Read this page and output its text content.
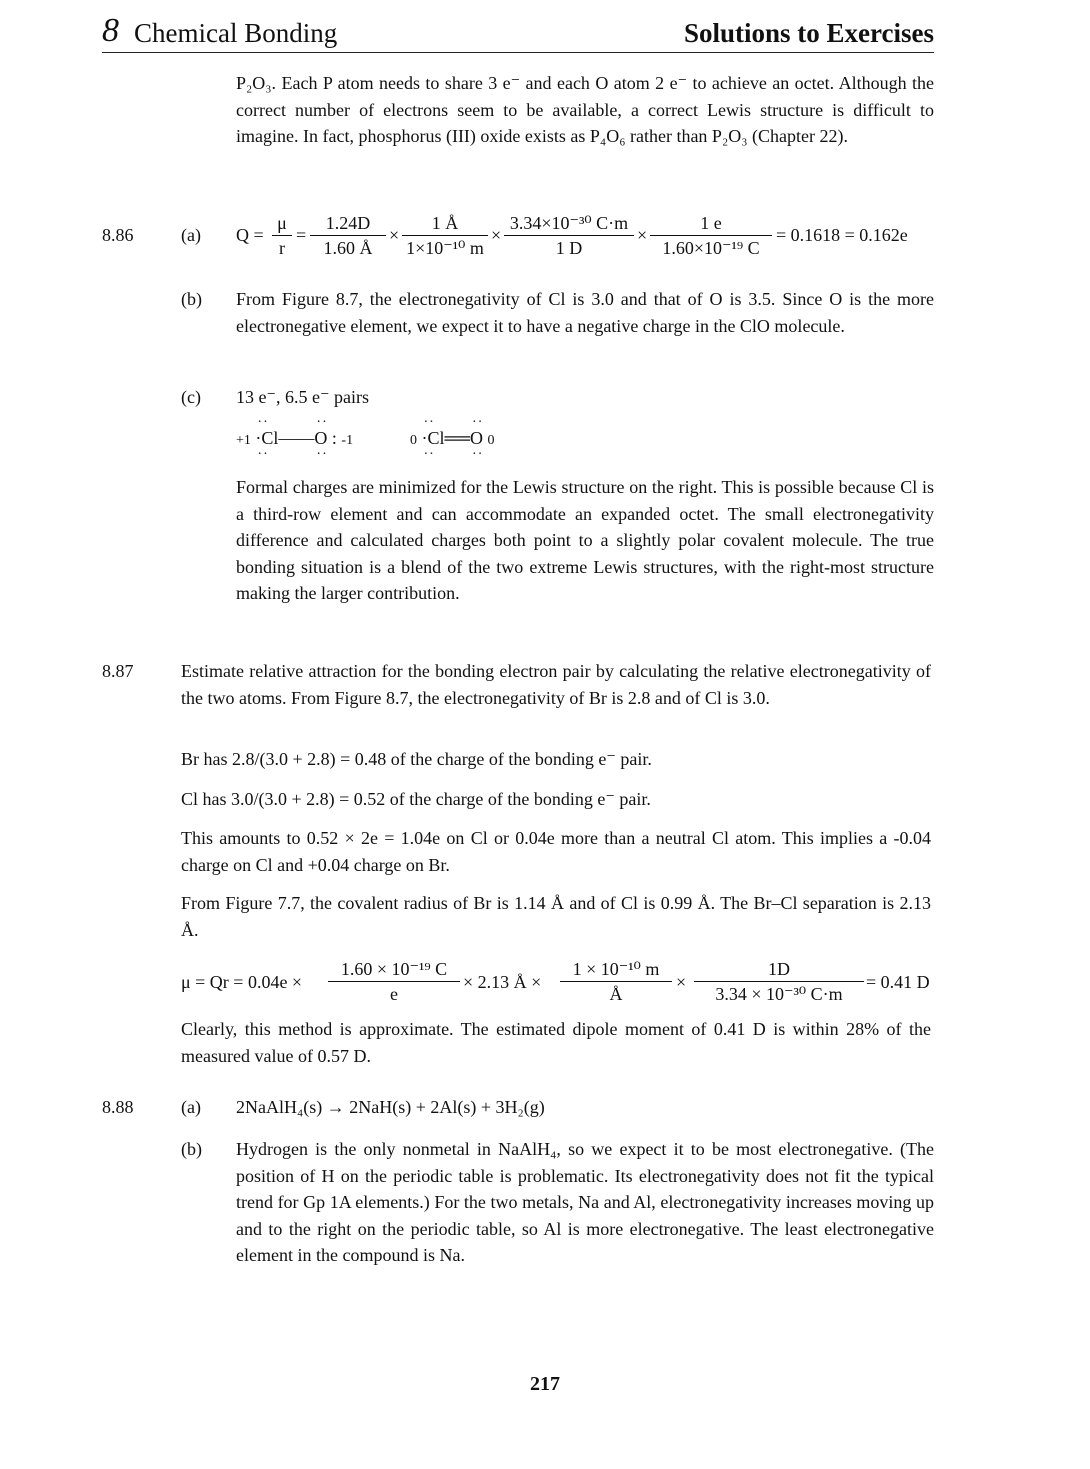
8 Chemical Bonding	Solutions to Exercises

P₂O₃. Each P atom needs to share 3 e⁻ and each O atom 2 e⁻ to achieve an octet. Although the correct number of electrons seem to be available, a correct Lewis structure is difficult to imagine. In fact, phosphorus (III) oxide exists as P₄O₆ rather than P₂O₃ (Chapter 22).

8.86	(a) $Q = \frac{\mu}{r} = \frac{1.24D}{1.60 Å} \times \frac{1 Å}{\text{1×10⁻¹⁰ m}} \times \frac{\text{3.34×10⁻³⁰ C·m}}{1 D} \times \frac{1 e}{\text{1.60×10⁻¹⁹ C}} = 0.1618 = 0.162e$
(b) From Figure 8.7, the electronegativity of Cl is 3.0 and that of O is 3.5. Since O is the more electronegative element, we expect it to have a negative charge in the ClO molecule.

(c) 13 e⁻, 6.5 e⁻ pairs
+1
··
·Cl
··
——
··
O :
··
-1	0
··
·Cl
··
══
··
O
··
0

Formal charges are minimized for the Lewis structure on the right. This is possible because Cl is a third-row element and can accommodate an expanded octet. The small electronegativity difference and calculated charges both point to a slightly polar covalent molecule. The true bonding situation is a blend of the two extreme Lewis structures, with the right-most structure making the larger contribution.

8.87	Estimate relative attraction for the bonding electron pair by calculating the relative electronegativity of the two atoms. From Figure 8.7, the electronegativity of Br is 2.8 and of Cl is 3.0.

Br has 2.8/(3.0 + 2.8) = 0.48 of the charge of the bonding e⁻ pair.

Cl has 3.0/(3.0 + 2.8) = 0.52 of the charge of the bonding e⁻ pair.

This amounts to 0.52 × 2e = 1.04e on Cl or 0.04e more than a neutral Cl atom. This implies a -0.04 charge on Cl and +0.04 charge on Br.

From Figure 7.7, the covalent radius of Br is 1.14 Å and of Cl is 0.99 Å. The Br–Cl separation is 2.13 Å.

$\mu = Qr = 0.04e \times \frac{\text{1.60 × 10⁻¹⁹ C}}{e} \times 2.13$ Å × $\frac{\text{1 × 10⁻¹⁰ m}}{Å} \times \frac{1D}{\text{3.34 × 10⁻³⁰ C·m}} = 0.41$ D

Clearly, this method is approximate. The estimated dipole moment of 0.41 D is within 28% of the measured value of 0.57 D.

8.88	(a) 2NaAlH₄(s) → 2NaH(s) + 2Al(s) + 3H₂(g)
(b) Hydrogen is the only nonmetal in NaAlH₄, so we expect it to be most electronegative. (The position of H on the periodic table is problematic. Its electronegativity does not fit the typical trend for Gp 1A elements.) For the two metals, Na and Al, electronegativity increases moving up and to the right on the periodic table, so Al is more electronegative. The least electronegative element in the compound is Na.

217
